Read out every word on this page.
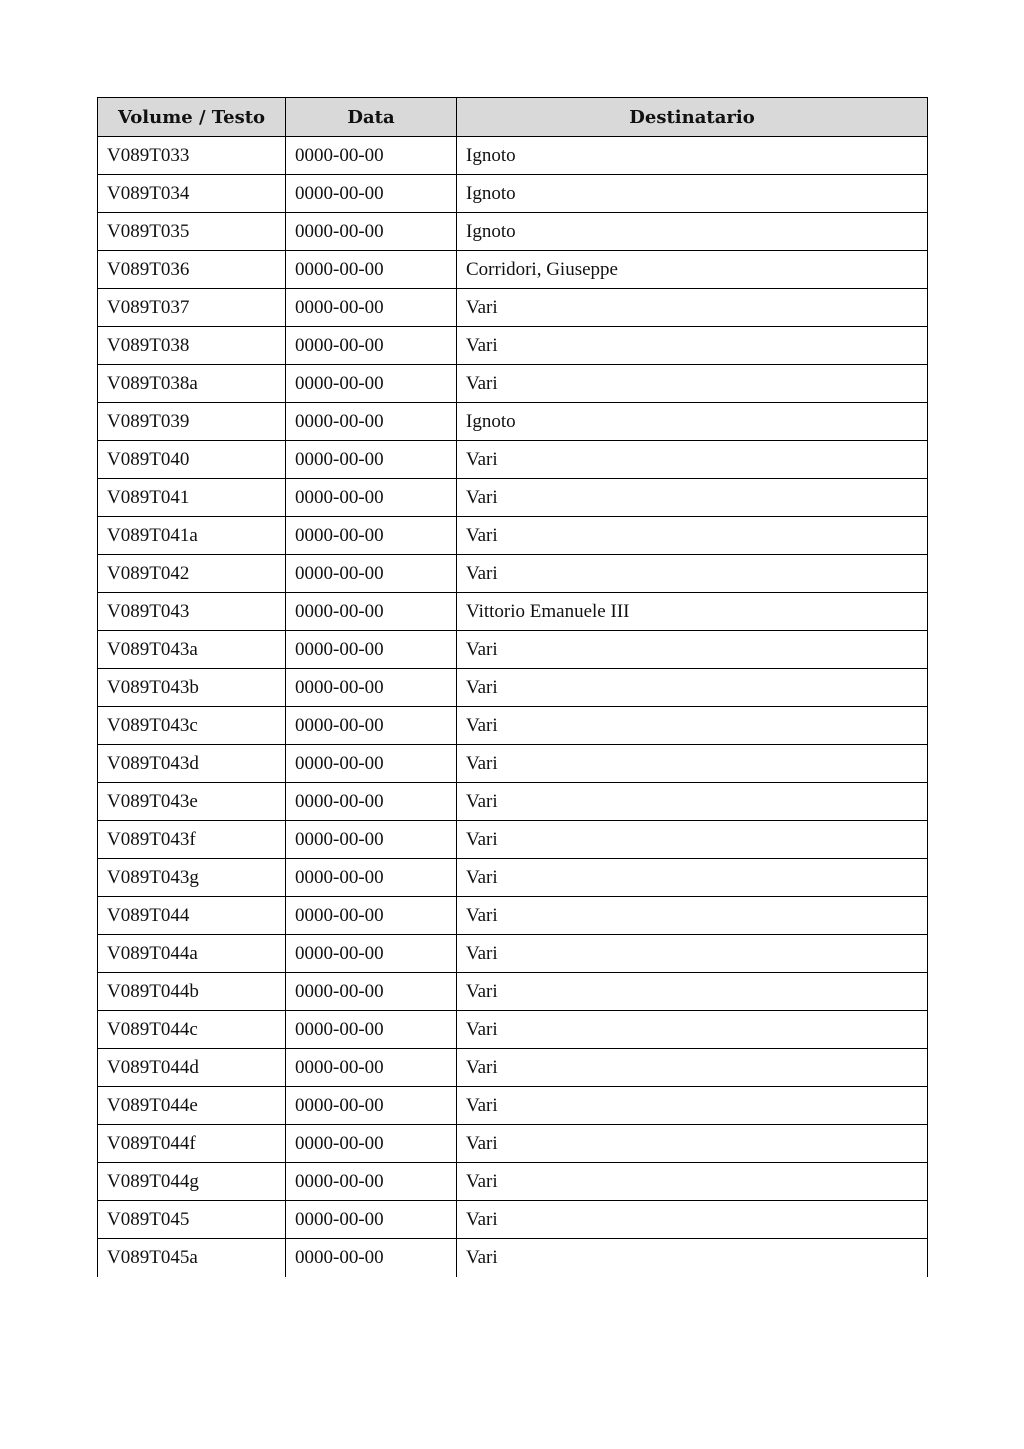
Volume / Testo	Data	Destinatario
V089T033	0000-00-00	Ignoto
V089T034	0000-00-00	Ignoto
V089T035	0000-00-00	Ignoto
V089T036	0000-00-00	Corridori, Giuseppe
V089T037	0000-00-00	Vari
V089T038	0000-00-00	Vari
V089T038a	0000-00-00	Vari
V089T039	0000-00-00	Ignoto
V089T040	0000-00-00	Vari
V089T041	0000-00-00	Vari
V089T041a	0000-00-00	Vari
V089T042	0000-00-00	Vari
V089T043	0000-00-00	Vittorio Emanuele III
V089T043a	0000-00-00	Vari
V089T043b	0000-00-00	Vari
V089T043c	0000-00-00	Vari
V089T043d	0000-00-00	Vari
V089T043e	0000-00-00	Vari
V089T043f	0000-00-00	Vari
V089T043g	0000-00-00	Vari
V089T044	0000-00-00	Vari
V089T044a	0000-00-00	Vari
V089T044b	0000-00-00	Vari
V089T044c	0000-00-00	Vari
V089T044d	0000-00-00	Vari
V089T044e	0000-00-00	Vari
V089T044f	0000-00-00	Vari
V089T044g	0000-00-00	Vari
V089T045	0000-00-00	Vari
V089T045a	0000-00-00	Vari
